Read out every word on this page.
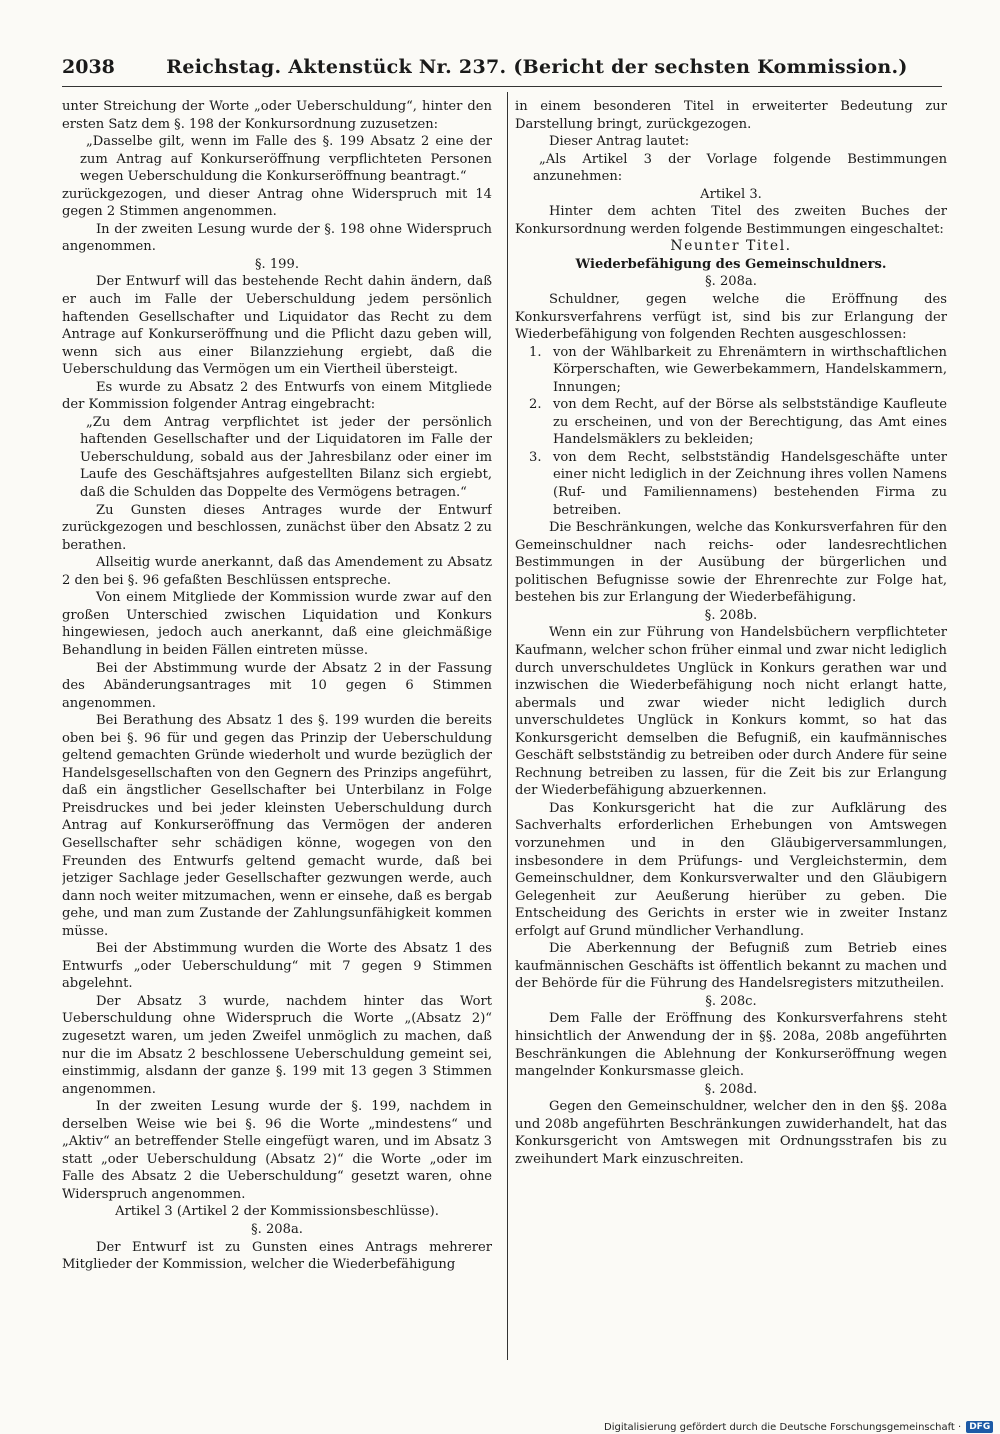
2038	Reichstag. Aktenstück Nr. 237. (Bericht der sechsten Kommission.)

unter Streichung der Worte „oder Ueberschuldung“, hinter den ersten Satz dem §. 198 der Konkursordnung zuzusetzen:

„Dasselbe gilt, wenn im Falle des §. 199 Absatz 2 eine der zum Antrag auf Konkurseröffnung verpflichteten Personen wegen Ueberschuldung die Konkurseröffnung beantragt.“

zurückgezogen, und dieser Antrag ohne Widerspruch mit 14 gegen 2 Stimmen angenommen.

In der zweiten Lesung wurde der §. 198 ohne Widerspruch angenommen.

§. 199.

Der Entwurf will das bestehende Recht dahin ändern, daß er auch im Falle der Ueberschuldung jedem persönlich haftenden Gesellschafter und Liquidator das Recht zu dem Antrage auf Konkurseröffnung und die Pflicht dazu geben will, wenn sich aus einer Bilanzziehung ergiebt, daß die Ueberschuldung das Vermögen um ein Viertheil übersteigt.

Es wurde zu Absatz 2 des Entwurfs von einem Mitgliede der Kommission folgender Antrag eingebracht:

„Zu dem Antrag verpflichtet ist jeder der persönlich haftenden Gesellschafter und der Liquidatoren im Falle der Ueberschuldung, sobald aus der Jahresbilanz oder einer im Laufe des Geschäftsjahres aufgestellten Bilanz sich ergiebt, daß die Schulden das Doppelte des Vermögens betragen.“

Zu Gunsten dieses Antrages wurde der Entwurf zurückgezogen und beschlossen, zunächst über den Absatz 2 zu berathen.

Allseitig wurde anerkannt, daß das Amendement zu Absatz 2 den bei §. 96 gefaßten Beschlüssen entspreche.

Von einem Mitgliede der Kommission wurde zwar auf den großen Unterschied zwischen Liquidation und Konkurs hingewiesen, jedoch auch anerkannt, daß eine gleichmäßige Behandlung in beiden Fällen eintreten müsse.

Bei der Abstimmung wurde der Absatz 2 in der Fassung des Abänderungsantrages mit 10 gegen 6 Stimmen angenommen.

Bei Berathung des Absatz 1 des §. 199 wurden die bereits oben bei §. 96 für und gegen das Prinzip der Ueberschuldung geltend gemachten Gründe wiederholt und wurde bezüglich der Handelsgesellschaften von den Gegnern des Prinzips angeführt, daß ein ängstlicher Gesellschafter bei Unterbilanz in Folge Preisdruckes und bei jeder kleinsten Ueberschuldung durch Antrag auf Konkurseröffnung das Vermögen der anderen Gesellschafter sehr schädigen könne, wogegen von den Freunden des Entwurfs geltend gemacht wurde, daß bei jetziger Sachlage jeder Gesellschafter gezwungen werde, auch dann noch weiter mitzumachen, wenn er einsehe, daß es bergab gehe, und man zum Zustande der Zahlungsunfähigkeit kommen müsse.

Bei der Abstimmung wurden die Worte des Absatz 1 des Entwurfs „oder Ueberschuldung“ mit 7 gegen 9 Stimmen abgelehnt.

Der Absatz 3 wurde, nachdem hinter das Wort Ueberschuldung ohne Widerspruch die Worte „(Absatz 2)“ zugesetzt waren, um jeden Zweifel unmöglich zu machen, daß nur die im Absatz 2 beschlossene Ueberschuldung gemeint sei, einstimmig, alsdann der ganze §. 199 mit 13 gegen 3 Stimmen angenommen.

In der zweiten Lesung wurde der §. 199, nachdem in derselben Weise wie bei §. 96 die Worte „mindestens“ und „Aktiv“ an betreffender Stelle eingefügt waren, und im Absatz 3 statt „oder Ueberschuldung (Absatz 2)“ die Worte „oder im Falle des Absatz 2 die Ueberschuldung“ gesetzt waren, ohne Widerspruch angenommen.

Artikel 3 (Artikel 2 der Kommissionsbeschlüsse).

§. 208a.

Der Entwurf ist zu Gunsten eines Antrags mehrerer Mitglieder der Kommission, welcher die Wiederbefähigung

in einem besonderen Titel in erweiterter Bedeutung zur Darstellung bringt, zurückgezogen.

Dieser Antrag lautet:

„Als Artikel 3 der Vorlage folgende Bestimmungen anzunehmen:

Artikel 3.

Hinter dem achten Titel des zweiten Buches der Konkursordnung werden folgende Bestimmungen eingeschaltet:

Neunter Titel.

Wiederbefähigung des Gemeinschuldners.

§. 208a.

Schuldner, gegen welche die Eröffnung des Konkursverfahrens verfügt ist, sind bis zur Erlangung der Wiederbefähigung von folgenden Rechten ausgeschlossen:

1. von der Wählbarkeit zu Ehrenämtern in wirthschaftlichen Körperschaften, wie Gewerbekammern, Handelskammern, Innungen;
2. von dem Recht, auf der Börse als selbstständige Kaufleute zu erscheinen, und von der Berechtigung, das Amt eines Handelsmäklers zu bekleiden;
3. von dem Recht, selbstständig Handelsgeschäfte unter einer nicht lediglich in der Zeichnung ihres vollen Namens (Ruf- und Familiennamens) bestehenden Firma zu betreiben.

Die Beschränkungen, welche das Konkursverfahren für den Gemeinschuldner nach reichs- oder landesrechtlichen Bestimmungen in der Ausübung der bürgerlichen und politischen Befugnisse sowie der Ehrenrechte zur Folge hat, bestehen bis zur Erlangung der Wiederbefähigung.

§. 208b.

Wenn ein zur Führung von Handelsbüchern verpflichteter Kaufmann, welcher schon früher einmal und zwar nicht lediglich durch unverschuldetes Unglück in Konkurs gerathen war und inzwischen die Wiederbefähigung noch nicht erlangt hatte, abermals und zwar wieder nicht lediglich durch unverschuldetes Unglück in Konkurs kommt, so hat das Konkursgericht demselben die Befugniß, ein kaufmännisches Geschäft selbstständig zu betreiben oder durch Andere für seine Rechnung betreiben zu lassen, für die Zeit bis zur Erlangung der Wiederbefähigung abzuerkennen.

Das Konkursgericht hat die zur Aufklärung des Sachverhalts erforderlichen Erhebungen von Amtswegen vorzunehmen und in den Gläubigerversammlungen, insbesondere in dem Prüfungs- und Vergleichstermin, dem Gemeinschuldner, dem Konkursverwalter und den Gläubigern Gelegenheit zur Aeußerung hierüber zu geben. Die Entscheidung des Gerichts in erster wie in zweiter Instanz erfolgt auf Grund mündlicher Verhandlung.

Die Aberkennung der Befugniß zum Betrieb eines kaufmännischen Geschäfts ist öffentlich bekannt zu machen und der Behörde für die Führung des Handelsregisters mitzutheilen.

§. 208c.

Dem Falle der Eröffnung des Konkursverfahrens steht hinsichtlich der Anwendung der in §§. 208a, 208b angeführten Beschränkungen die Ablehnung der Konkurseröffnung wegen mangelnder Konkursmasse gleich.

§. 208d.

Gegen den Gemeinschuldner, welcher den in den §§. 208a und 208b angeführten Beschränkungen zuwiderhandelt, hat das Konkursgericht von Amtswegen mit Ordnungsstrafen bis zu zweihundert Mark einzuschreiten.

Digitalisierung gefördert durch die Deutsche Forschungsgemeinschaft · DFG
